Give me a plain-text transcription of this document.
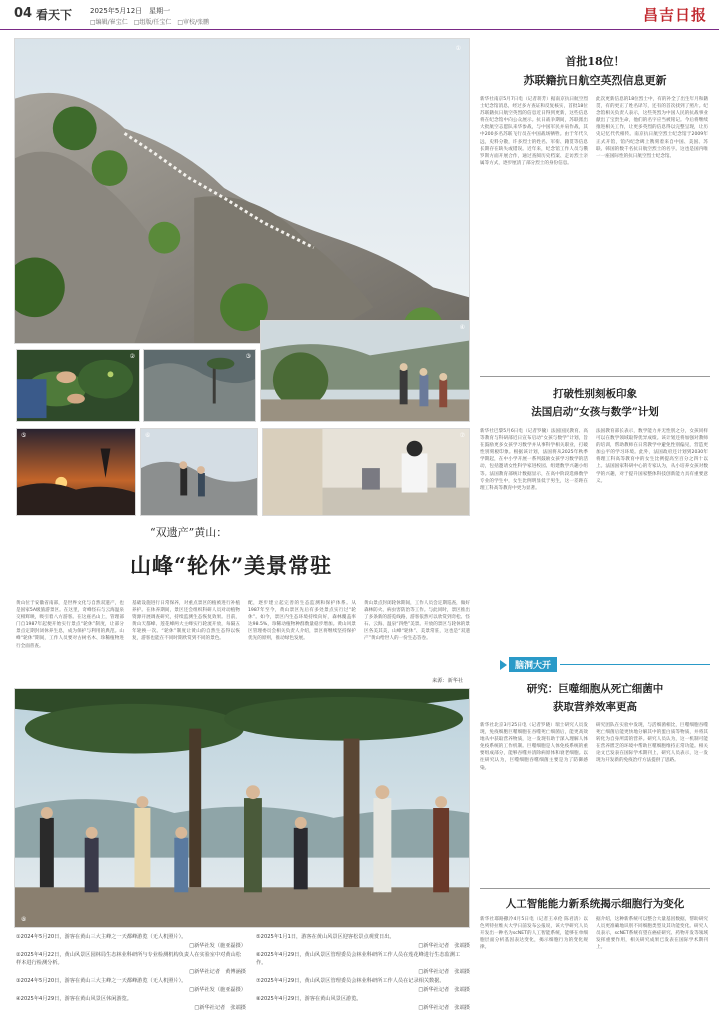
04 看天下	2025年5月12日　星期一
□编辑/崔宝仁　□组版/任宝仁　□审校/张鹏	昌吉日报
①
②	③
④
⑤	⑥	⑦
“双遗产”黄山：
山峰“轮休”美景常驻
黄山位于安徽省南部，是世界文化与自然双遗产，也是国家5A级旅游景区。在这里，奇峰怪石与云海温泉交相辉映，吸引着八方游客。在这座名山上，管理部门自1987年起便开始实行景点“轮休”制度，让部分景点定期封闭休养生息，成为保护与利用的典范。山峰“轮休”期间，工作人员要对古树名木、珍稀植物进行全面普查。
基础设施进行日常保养，对重点景区的植被进行补植养护。在休养期间，景区还会组织科研人员对动植物资源开展调查研究，持续监测生态恢复效果。目前，黄山天都峰、莲花峰两大主峰实行轮流开放，每隔五年轮换一次。“轮休”制度让黄山的自然生态得以恢复，游客也能在不同时期欣赏到不同的景色。
配，逐步建立起完善的生态监测和保护体系。从1987年至今，黄山景区先后有多处景点实行过“轮休”。如今，景区内生态环境持续向好，森林覆盖率达98.5%，珍稀动植物种群数量稳步增加。黄山风景区管理委员会相关负责人介绍，景区将继续坚持保护优先的原则，推动绿色发展。
黄山景点封闭轮休期间，工作人员会定期巡查，做好森林防火、病虫害防治等工作。与此同时，景区推出了多条新的游览线路，游客依然可以欣赏到奇松、怪石、云海、温泉“四绝”美景。开放的景区与轮休的景区各美其美，山峰“轮休”、美景常驻，这也是“双遗产”黄山给世人的一份生态答卷。
来源：新华社
⑧

①2024年5月20日，游客在黄山三大主峰之一天都峰游览（无人机照片）。

□新华社发（施亚磊摄）

②2025年4月22日，黄山风景区园林局生态林业科研所与专业检测机构负责人在实验室中对黄山松样本进行检测分析。

□新华社记者　黄博涵摄

③2024年5月20日，游客在黄山三大主峰之一天都峰游览（无人机照片）。

□新华社发（施亚磊摄）

④2025年4月29日，游客在黄山风景区休闲游览。

□新华社记者　张端摄

⑤2025年1月1日，游客在黄山风景区迎客松景点观赏日出。

□新华社记者　张端摄

⑥2025年4月29日，黄山风景区管理委员会林业科研所工作人员在莲花峰进行生态监测工作。

□新华社记者　张端摄

⑦2025年4月29日，黄山风景区管理委员会林业科研所工作人员在记录相关数据。

□新华社记者　张端摄

⑧2025年4月29日，游客在黄山风景区游览。

□新华社记者　张端摄

首批18位！
苏联籍抗日航空英烈信息更新
新华社南京5月7日电（记者蒋芳）据南京抗日航空烈士纪念馆消息，经过多方查证和反复核实，首批18位苏联籍抗日航空英烈的信息近日得到更新，这些信息将在纪念馆中向公众展示。抗日战争期间，苏联派出大批航空志愿队来华参战，与中国军民并肩作战，其中200多名苏联飞行员在中国战场牺牲。由于年代久远，史料分散，许多烈士的姓名、军衔、籍贯等信息长期存在缺失或错误。近年来，纪念馆工作人员与俄罗斯方面开展合作，通过查阅历史档案、走访烈士亲属等方式，逐步厘清了部分烈士的身份信息。
此次更新信息的18位烈士中，有的补全了出生年月和籍贯，有的更正了姓名译写，还有的首次找到了照片。纪念馆相关负责人表示，这些英烈为中国人民的抗战事业献出了宝贵生命，他们的名字应当被铭记。今后将继续推进相关工作，让更多英烈的信息得以完整呈现，让历史记忆代代相传。南京抗日航空烈士纪念馆于2009年正式开馆，馆内纪念碑上镌刻着来自中国、美国、苏联、韩国的数千名抗日航空烈士的名字。这也是国内唯一一座国际性的抗日航空烈士纪念馆。
打破性别刻板印象
法国启动“女孩与数学”计划
新华社巴黎5月6日电（记者罗毓）法国国民教育、高等教育与科研部近日宣布启动“女孩与数学”计划，旨在鼓励更多女孩学习数学并从事科学相关职业，打破性别刻板印象。根据该计划，法国将从2025年秋季学期起，在中小学开展一系列鼓励女孩学习数学的活动，包括邀请女性科学家进校园、组建数学兴趣小组等。法国教育部统计数据显示，在高中阶段选修数学专业的学生中，女生比例明显低于男生，这一差距在理工科高等教育中更为显著。
法国教育部长表示，数学能力并无性别之分，女孩同样可以在数学领域取得优异成绩。该计划还将加强对教师的培训，帮助教师在日常教学中避免性别偏见，营造更加公平的学习环境。此外，法国政府还计划到2030年将理工科高等教育中的女生比例提高至百分之四十以上。法国国家科研中心的专家认为，从小培养女孩对数学的兴趣，对于提升国家整体科技创新能力具有重要意义。
脑洞大开
研究：巨噬细胞从死亡细菌中
获取营养效率更高
新华社北京3月25日电（记者罗晓）瑞士研究人员发现，免疫细胞巨噬细胞在吞噬死亡细菌后，能更高效地从中获取营养物质，这一发现有助于深入理解人体免疫系统的工作机制。巨噬细胞是人体免疫系统的重要组成部分，能够吞噬并清除病原体和衰老细胞。以往研究认为，巨噬细胞吞噬细菌主要是为了防御感染。
研究团队在实验中发现，与活细菌相比，巨噬细胞吞噬死亡细菌后能更快地分解其中的蛋白质等物质，并将其转化为自身所需的营养。研究人员认为，这一机制可能在营养匮乏的环境中帮助巨噬细胞维持正常功能。相关论文已发表在国际学术期刊上，研究人员表示，这一发现为开发新的免疫治疗方法提供了思路。
人工智能能力新系统揭示细胞行为变化
新华社耶路撒冷4月5日电（记者王卓伦 陈君清）以色列特拉维夫大学日前发布公报说，该大学研究人员开发出一种名为scNET的人工智能系统，能够在单细胞层面分析基因表达变化，揭示细胞行为的变化规律。
据介绍，这种新系统可以整合大量基因数据，帮助研究人员更准确地识别不同细胞类型及其功能变化。研究人员表示，scNET系统有望在癌症研究、药物开发等领域发挥重要作用，相关研究成果已发表在国际学术期刊上。
